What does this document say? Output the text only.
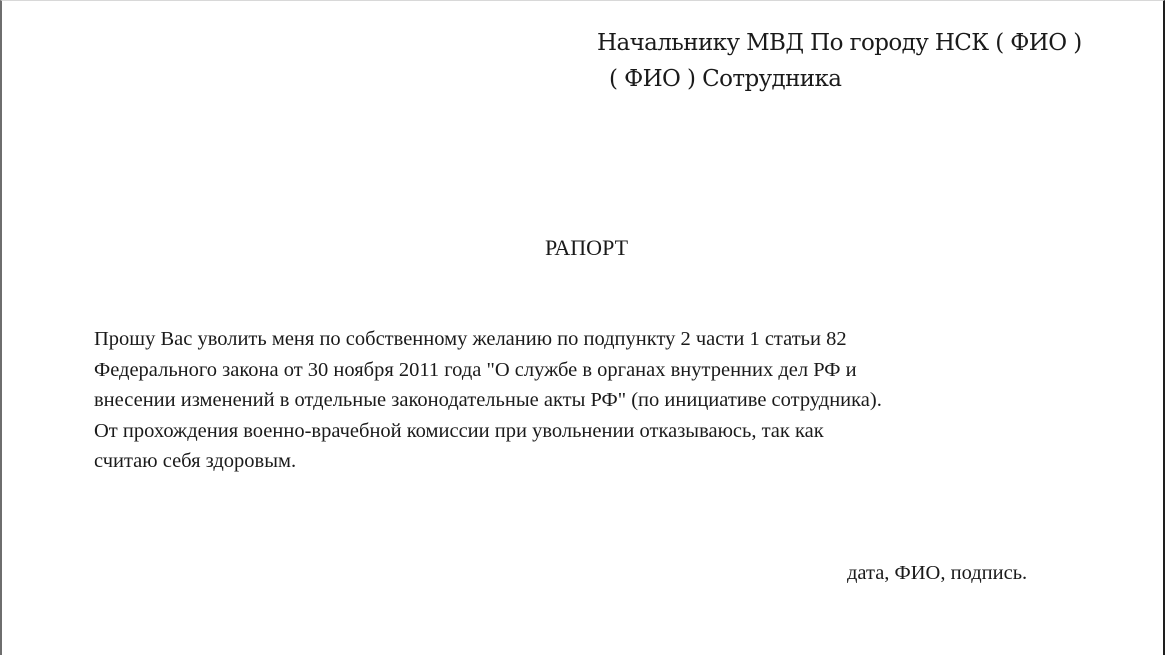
Начальнику МВД По городу НСК ( ФИО )
( ФИО ) Сотрудника
РАПОРТ
Прошу Вас уволить меня по собственному желанию по подпункту 2 части 1 статьи 82
Федерального закона от 30 ноября 2011 года "О службе в органах внутренних дел РФ и
внесении изменений в отдельные законодательные акты РФ" (по инициативе сотрудника).
От прохождения военно-врачебной комиссии при увольнении отказываюсь, так как
считаю себя здоровым.
дата, ФИО, подпись.
